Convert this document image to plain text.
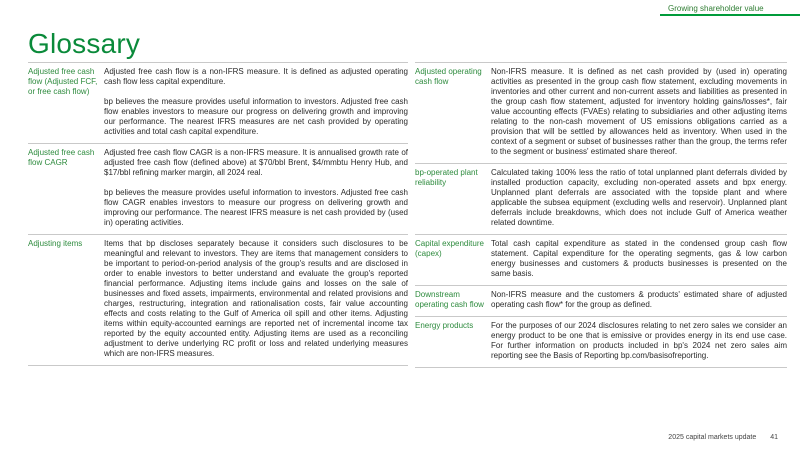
Growing shareholder value
Glossary
Adjusted free cash flow (Adjusted FCF, or free cash flow)

Adjusted free cash flow is a non-IFRS measure. It is defined as adjusted operating cash flow less capital expenditure.

bp believes the measure provides useful information to investors. Adjusted free cash flow enables investors to measure our progress on delivering growth and improving our performance. The nearest IFRS measures are net cash provided by operating activities and total cash capital expenditure.

Adjusted free cash flow CAGR

Adjusted free cash flow CAGR is a non-IFRS measure. It is annualised growth rate of adjusted free cash flow (defined above) at $70/bbl Brent, $4/mmbtu Henry Hub, and $17/bbl refining marker margin, all 2024 real.

bp believes the measure provides useful information to investors. Adjusted free cash flow CAGR enables investors to measure our progress on delivering growth and improving our performance. The nearest IFRS measure is net cash provided by (used in) operating activities.

Adjusting items	Items that bp discloses separately because it considers such disclosures to be meaningful and relevant to investors. They are items that management considers to be important to period-on-period analysis of the group's results and are disclosed in order to enable investors to better understand and evaluate the group's reported financial performance. Adjusting items include gains and losses on the sale of businesses and fixed assets, impairments, environmental and related provisions and charges, restructuring, integration and rationalisation costs, fair value accounting effects and costs relating to the Gulf of America oil spill and other items. Adjusting items within equity-accounted earnings are reported net of incremental income tax reported by the equity accounted entity. Adjusting items are used as a reconciling adjustment to derive underlying RC profit or loss and related underlying measures which are non-IFRS measures.

Adjusted operating cash flow

Non-IFRS measure. It is defined as net cash provided by (used in) operating activities as presented in the group cash flow statement, excluding movements in inventories and other current and non-current assets and liabilities as presented in the group cash flow statement, adjusted for inventory holding gains/losses*, fair value accounting effects (FVAEs) relating to subsidiaries and other adjusting items relating to the non-cash movement of US emissions obligations carried as a provision that will be settled by allowances held as inventory. When used in the context of a segment or subset of businesses rather than the group, the terms refer to the segment or business' estimated share thereof.

bp-operated plant reliability

Calculated taking 100% less the ratio of total unplanned plant deferrals divided by installed production capacity, excluding non-operated assets and bpx energy. Unplanned plant deferrals are associated with the topside plant and where applicable the subsea equipment (excluding wells and reservoir). Unplanned plant deferrals include breakdowns, which does not include Gulf of America weather related downtime.

Capital expenditure (capex)

Total cash capital expenditure as stated in the condensed group cash flow statement. Capital expenditure for the operating segments, gas & low carbon energy businesses and customers & products businesses is presented on the same basis.

Downstream operating cash flow

Non-IFRS measure and the customers & products' estimated share of adjusted operating cash flow* for the group as defined.

Energy products	For the purposes of our 2024 disclosures relating to net zero sales we consider an energy product to be one that is emissive or provides energy in its end use case. For further information on products included in bp's 2024 net zero sales aim reporting see the Basis of Reporting bp.com/basisofreporting.

2025 capital markets update 41
